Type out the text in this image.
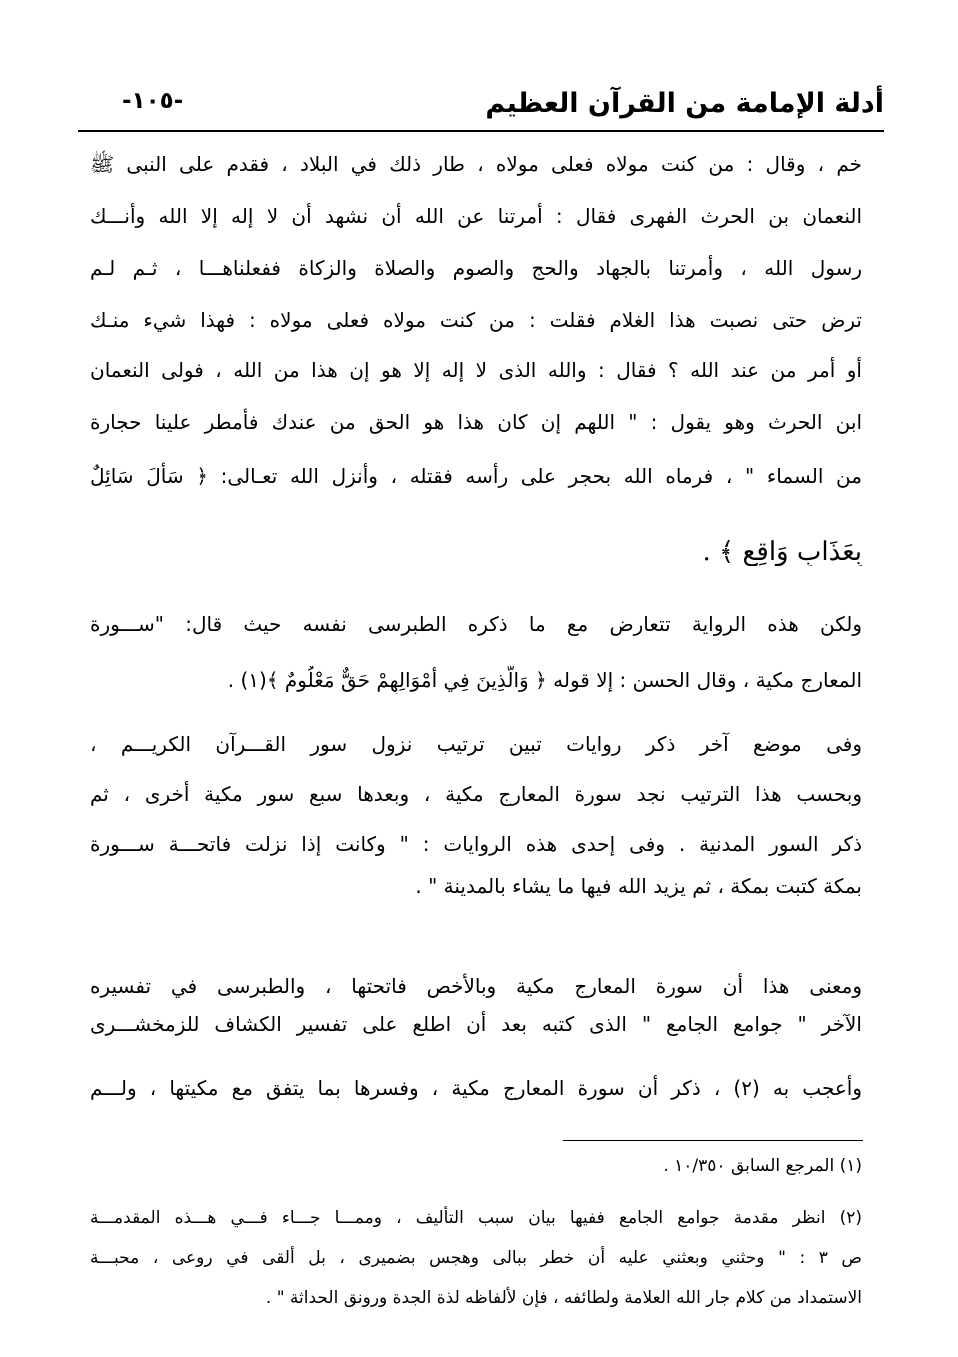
أدلة الإمامة من القرآن العظيم
-١٠٥-
خم ، وقال : من كنت مولاه فعلى مولاه ، طار ذلك في البلاد ، فقدم على النبى ﷺ
النعمان بن الحرث الفهرى فقال : أمرتنا عن الله أن نشهد أن لا إله إلا الله وأنـــك
رسول الله ، وأمرتنا بالجهاد والحج والصوم والصلاة والزكاة ففعلناهـــا ، ثـم لـم
ترض حتى نصبت هذا الغلام فقلت : من كنت مولاه فعلى مولاه : فهذا شيء منـك
أو أمر من عند الله ؟ فقال : والله الذى لا إله إلا هو إن هذا من الله ، فولى النعمان
ابن الحرث وهو يقول : " اللهم إن كان هذا هو الحق من عندك فأمطر علينا حجارة
من السماء " ، فرماه الله بحجر على رأسه فقتله ، وأنزل الله تعـالى: ﴿ سَأَلَ سَائِلٌ
بِعَذَابٍ وَاقِعٍ ﴾ .
ولكن هذه الرواية تتعارض مع ما ذكره الطبرسى نفسه حيث قال: "ســـورة
المعارج مكية ، وقال الحسن : إلا قوله ﴿ وَالَّذِينَ فِي أَمْوَالِهِمْ حَقٌّ مَعْلُومٌ ﴾(١) .
وفى موضع آخر ذكر روايات تبين ترتيب نزول سور القـــرآن الكريـــم ،
وبحسب هذا الترتيب نجد سورة المعارج مكية ، وبعدها سبع سور مكية أخرى ، ثم
ذكر السور المدنية . وفى إحدى هذه الروايات : " وكانت إذا نزلت فاتحـــة ســـورة
بمكة كتبت بمكة ، ثم يزيد الله فيها ما يشاء بالمدينة " .
ومعنى هذا أن سورة المعارج مكية وبالأخص فاتحتها ، والطبرسى في تفسيره
الآخر " جوامع الجامع " الذى كتبه بعد أن اطلع على تفسير الكشاف للزمخشـــرى
وأعجب به (٢) ، ذكر أن سورة المعارج مكية ، وفسرها بما يتفق مع مكيتها ، ولـــم
(١) المرجع السابق ١٠/٣٥٠ .
(٢) انظر مقدمة جوامع الجامع ففيها بيان سبب التأليف ، وممـــا جـــاء فـــي هـــذه المقدمـــة
ص ٣ : " وحثني وبعثني عليه أن خطر ببالى وهجس بضميرى ، بل ألقى في روعى ، محبـــة
الاستمداد من كلام جار الله العلامة ولطائفه ، فإن لألفاظه لذة الجدة ورونق الحداثة " .
